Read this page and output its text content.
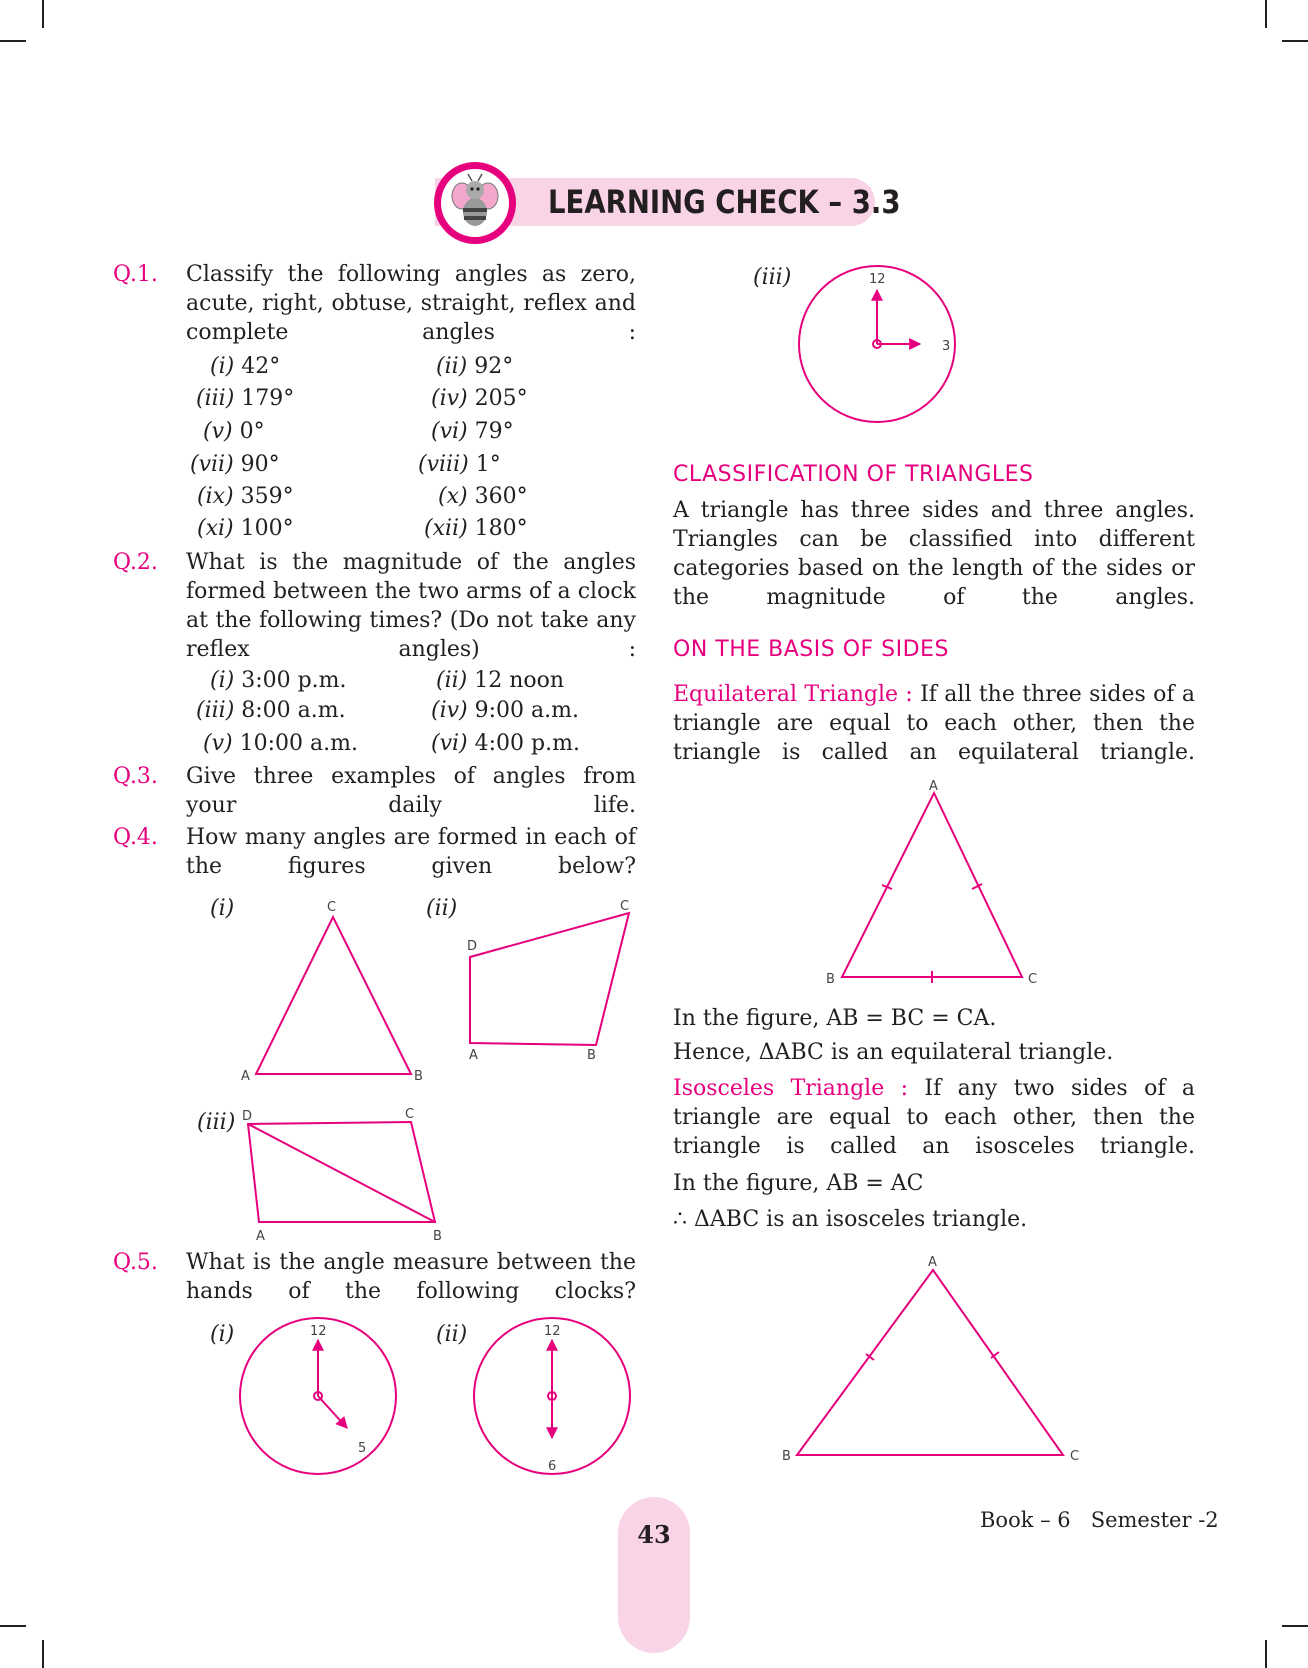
LEARNING CHECK – 3.3
Q.1. Classify the following angles as zero, acute, right, obtuse, straight, reflex and complete angles :
(i) 42°	(ii) 92°
(iii) 179°	(iv) 205°
(v) 0°	(vi) 79°
(vii) 90°	(viii) 1°
(ix) 359°	(x) 360°
(xi) 100°	(xii) 180°
Q.2. What is the magnitude of the angles formed between the two arms of a clock at the following times? (Do not take any reflex angles) :
(i) 3:00 p.m.	(ii) 12 noon
(iii) 8:00 a.m.	(iv) 9:00 a.m.
(v) 10:00 a.m.	(vi) 4:00 p.m.
Q.3. Give three examples of angles from your daily life.
Q.4. How many angles are formed in each of the figures given below?
(i)	(ii)
(iii)
A	B
C
D
C
A	B
D	C
A	B
Q.5. What is the angle measure between the hands of the following clocks?
(i)	(ii)
(iii)
12
5
12
6
12
3
CLASSIFICATION OF TRIANGLES
A triangle has three sides and three angles. Triangles can be classified into different categories based on the length of the sides or the magnitude of the angles.
ON THE BASIS OF SIDES
Equilateral Triangle : If all the three sides of a triangle are equal to each other, then the triangle is called an equilateral triangle.
A
B	C
In the figure, AB = BC = CA.
Hence, ΔABC is an equilateral triangle.
Isosceles Triangle : If any two sides of a triangle are equal to each other, then the triangle is called an isosceles triangle.
In the figure, AB = AC
∴ ΔABC is an isosceles triangle.
A
B	C
43	Book – 6 Semester -2
